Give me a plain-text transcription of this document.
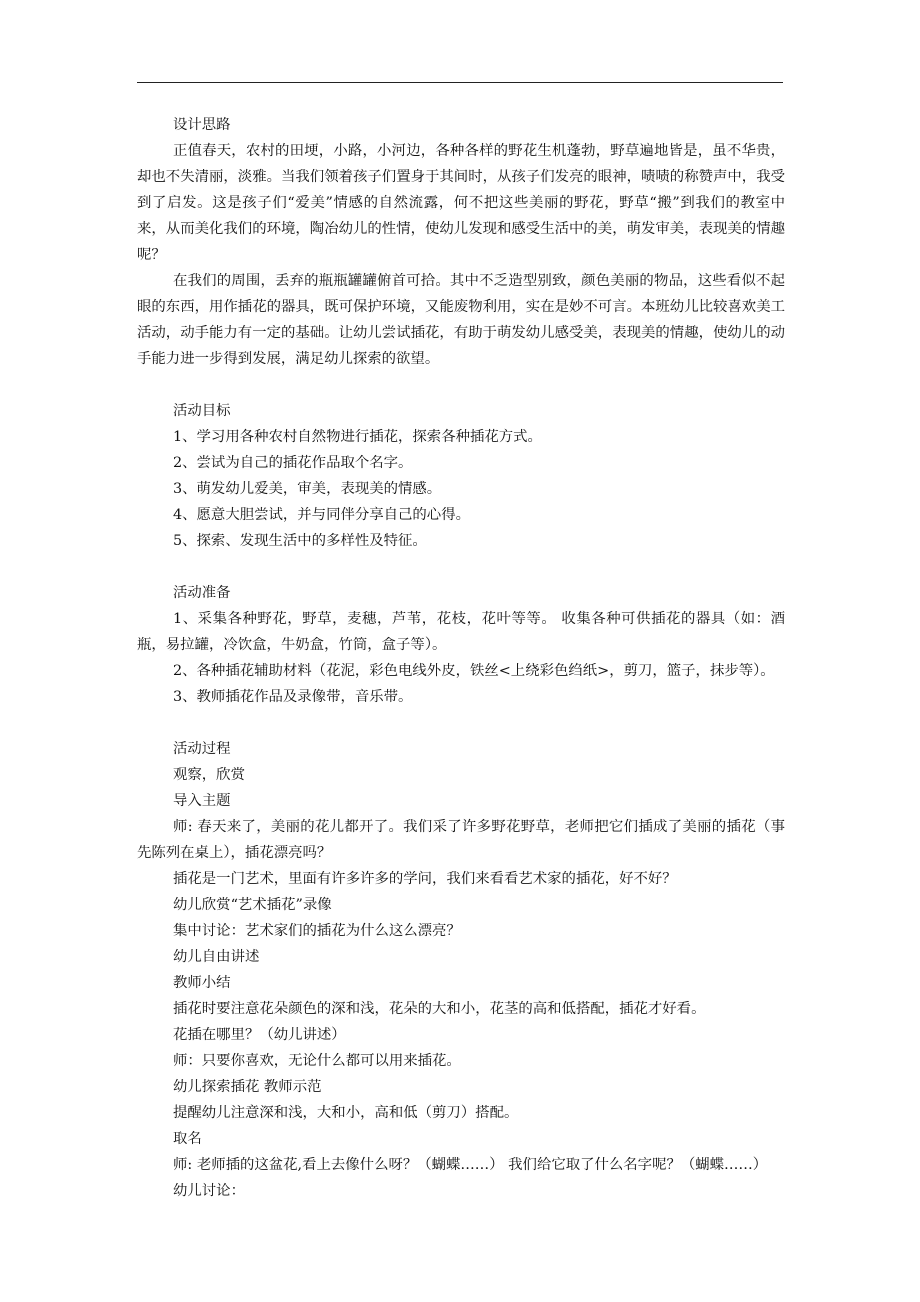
设计思路

正值春天，农村的田埂，小路，小河边，各种各样的野花生机蓬勃，野草遍地皆是，虽不华贵，却也不失清丽，淡雅。当我们领着孩子们置身于其间时，从孩子们发亮的眼神，啧啧的称赞声中，我受到了启发。这是孩子们“爱美”情感的自然流露，何不把这些美丽的野花，野草“搬”到我们的教室中来，从而美化我们的环境，陶冶幼儿的性情，使幼儿发现和感受生活中的美，萌发审美，表现美的情趣呢？

在我们的周围，丢弃的瓶瓶罐罐俯首可拾。其中不乏造型别致，颜色美丽的物品，这些看似不起眼的东西，用作插花的器具，既可保护环境，又能废物利用，实在是妙不可言。本班幼儿比较喜欢美工活动，动手能力有一定的基础。让幼儿尝试插花，有助于萌发幼儿感受美，表现美的情趣，使幼儿的动手能力进一步得到发展，满足幼儿探索的欲望。

活动目标

1、学习用各种农村自然物进行插花，探索各种插花方式。

2、尝试为自己的插花作品取个名字。

3、萌发幼儿爱美，审美，表现美的情感。

4、愿意大胆尝试，并与同伴分享自己的心得。

5、探索、发现生活中的多样性及特征。

活动准备

1、采集各种野花，野草，麦穗，芦苇，花枝，花叶等等。 收集各种可供插花的器具（如：酒瓶，易拉罐，冷饮盒，牛奶盒，竹筒，盒子等）。

2、各种插花辅助材料（花泥，彩色电线外皮，铁丝<上绕彩色绉纸>，剪刀，篮子，抹步等）。

3、教师插花作品及录像带，音乐带。

活动过程

观察，欣赏

导入主题

师: 春天来了，美丽的花儿都开了。我们采了许多野花野草，老师把它们插成了美丽的插花（事先陈列在桌上），插花漂亮吗？

插花是一门艺术，里面有许多许多的学问，我们来看看艺术家的插花，好不好？

幼儿欣赏“艺术插花”录像

集中讨论：艺术家们的插花为什么这么漂亮？

幼儿自由讲述

教师小结

插花时要注意花朵颜色的深和浅，花朵的大和小，花茎的高和低搭配，插花才好看。

花插在哪里？（幼儿讲述）

师：只要你喜欢，无论什么都可以用来插花。

幼儿探索插花 教师示范

提醒幼儿注意深和浅，大和小，高和低（剪刀）搭配。

取名

师: 老师插的这盆花,看上去像什么呀？（蝴蝶……） 我们给它取了什么名字呢？（蝴蝶……）

幼儿讨论：
